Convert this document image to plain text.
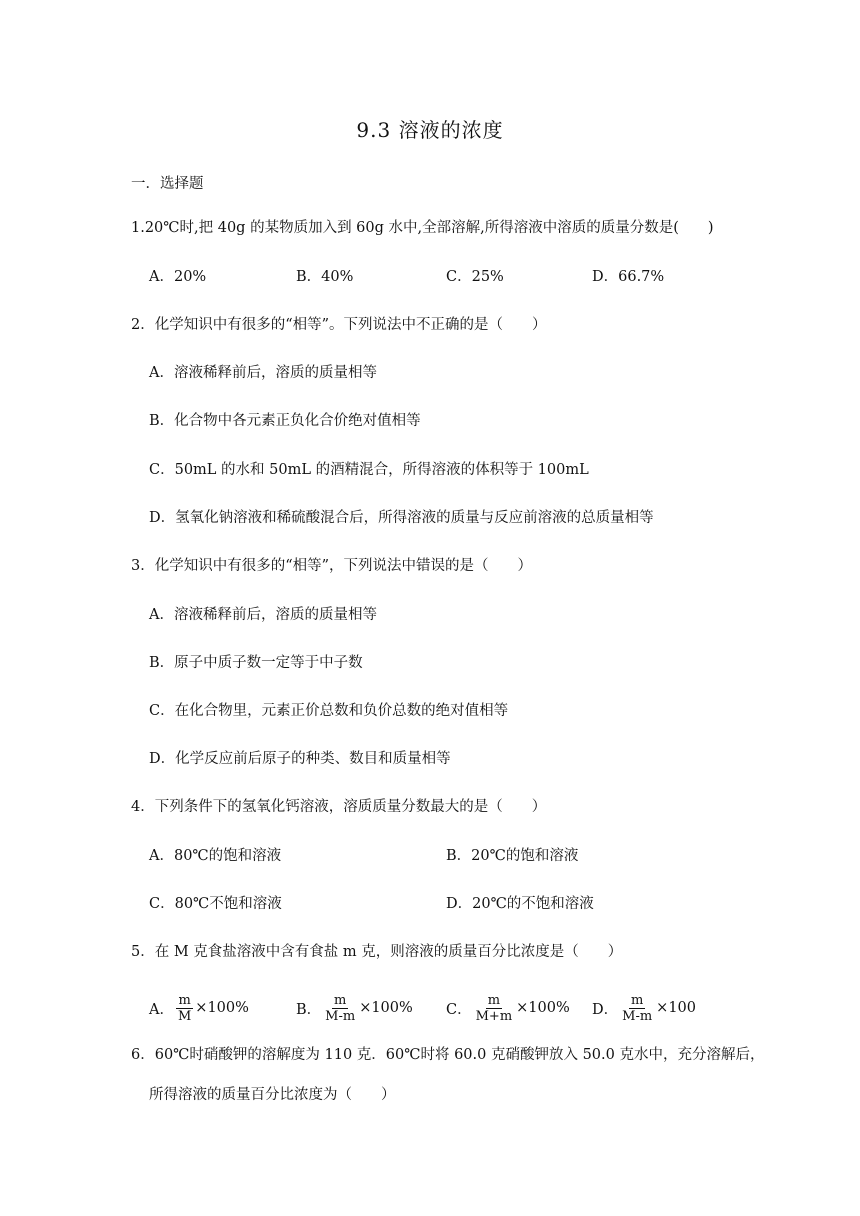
9.3 溶液的浓度
一．选择题
1.20℃时,把 40g 的某物质加入到 60g 水中,全部溶解,所得溶液中溶质的质量分数是(　　)
A．20%	B．40%	C．25%	D．66.7%
2．化学知识中有很多的“相等”。下列说法中不正确的是（　　）
A．溶液稀释前后，溶质的质量相等
B．化合物中各元素正负化合价绝对值相等
C．50mL 的水和 50mL 的酒精混合，所得溶液的体积等于 100mL
D．氢氧化钠溶液和稀硫酸混合后，所得溶液的质量与反应前溶液的总质量相等
3．化学知识中有很多的“相等”，下列说法中错误的是（　　）
A．溶液稀释前后，溶质的质量相等
B．原子中质子数一定等于中子数
C．在化合物里，元素正价总数和负价总数的绝对值相等
D．化学反应前后原子的种类、数目和质量相等
4．下列条件下的氢氧化钙溶液，溶质质量分数最大的是（　　）
A．80℃的饱和溶液	B．20℃的饱和溶液
C．80℃不饱和溶液	D．20℃的不饱和溶液
5．在 M 克食盐溶液中含有食盐 m 克，则溶液的质量百分比浓度是（　　）
A． $\frac{m}{M} \times 100\%$	B． $\frac{m}{M-m} \times 100\%$ C． $\frac{m}{M+m} \times 100\%$ D． $\frac{m}{M-m} \times 100$
6．60℃时硝酸钾的溶解度为 110 克．60℃时将 60.0 克硝酸钾放入 50.0 克水中，充分溶解后，
所得溶液的质量百分比浓度为（　　）
